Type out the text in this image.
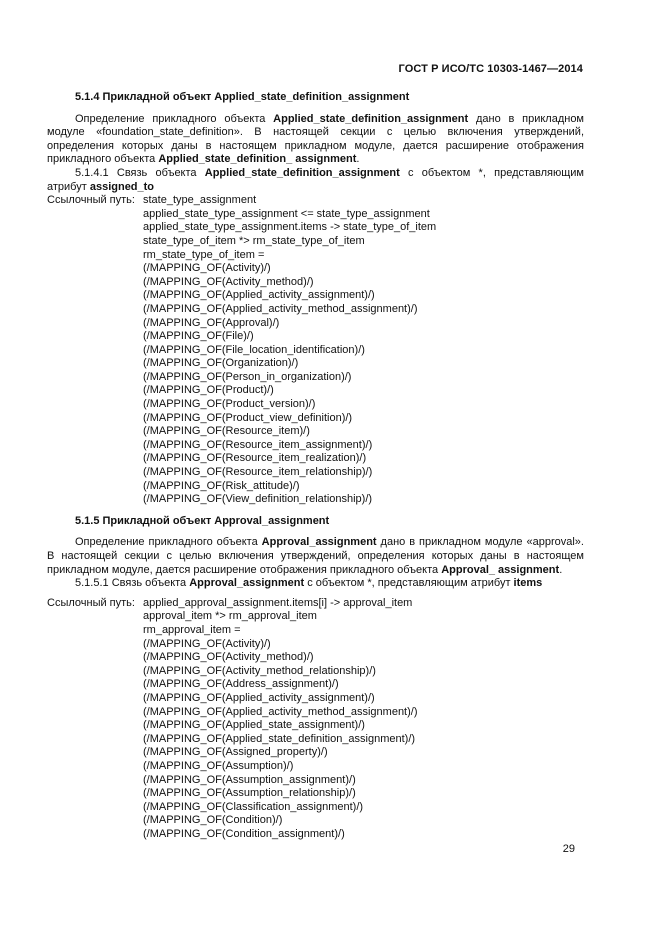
ГОСТ Р ИСО/ТС 10303-1467—2014

5.1.4 Прикладной объект Applied_state_definition_assignment

Определение прикладного объекта Applied_state_definition_assignment дано в прикладном модуле «foundation_state_definition». В настоящей секции с целью включения утверждений, определения которых даны в настоящем прикладном модуле, дается расширение отображения прикладного объекта Applied_state_definition_ assignment.

5.1.4.1 Связь объекта Applied_state_definition_assignment с объектом *, представляющим атрибут assigned_to

Ссылочный путь: state_type_assignment
applied_state_type_assignment <= state_type_assignment
applied_state_type_assignment.items -> state_type_of_item
state_type_of_item *> rm_state_type_of_item
rm_state_type_of_item =
(/MAPPING_OF(Activity)/)
(/MAPPING_OF(Activity_method)/)
(/MAPPING_OF(Applied_activity_assignment)/)
(/MAPPING_OF(Applied_activity_method_assignment)/)
(/MAPPING_OF(Approval)/)
(/MAPPING_OF(File)/)
(/MAPPING_OF(File_location_identification)/)
(/MAPPING_OF(Organization)/)
(/MAPPING_OF(Person_in_organization)/)
(/MAPPING_OF(Product)/)
(/MAPPING_OF(Product_version)/)
(/MAPPING_OF(Product_view_definition)/)
(/MAPPING_OF(Resource_item)/)
(/MAPPING_OF(Resource_item_assignment)/)
(/MAPPING_OF(Resource_item_realization)/)
(/MAPPING_OF(Resource_item_relationship)/)
(/MAPPING_OF(Risk_attitude)/)
(/MAPPING_OF(View_definition_relationship)/)

5.1.5 Прикладной объект Approval_assignment

Определение прикладного объекта Approval_assignment дано в прикладном модуле «approval». В настоящей секции с целью включения утверждений, определения которых даны в настоящем прикладном модуле, дается расширение отображения прикладного объекта Approval_ assignment.

5.1.5.1 Связь объекта Approval_assignment с объектом *, представляющим атрибут items

Ссылочный путь: applied_approval_assignment.items[i] -> approval_item
approval_item *> rm_approval_item
rm_approval_item =
(/MAPPING_OF(Activity)/)
(/MAPPING_OF(Activity_method)/)
(/MAPPING_OF(Activity_method_relationship)/)
(/MAPPING_OF(Address_assignment)/)
(/MAPPING_OF(Applied_activity_assignment)/)
(/MAPPING_OF(Applied_activity_method_assignment)/)
(/MAPPING_OF(Applied_state_assignment)/)
(/MAPPING_OF(Applied_state_definition_assignment)/)
(/MAPPING_OF(Assigned_property)/)
(/MAPPING_OF(Assumption)/)
(/MAPPING_OF(Assumption_assignment)/)
(/MAPPING_OF(Assumption_relationship)/)
(/MAPPING_OF(Classification_assignment)/)
(/MAPPING_OF(Condition)/)
(/MAPPING_OF(Condition_assignment)/)
29
